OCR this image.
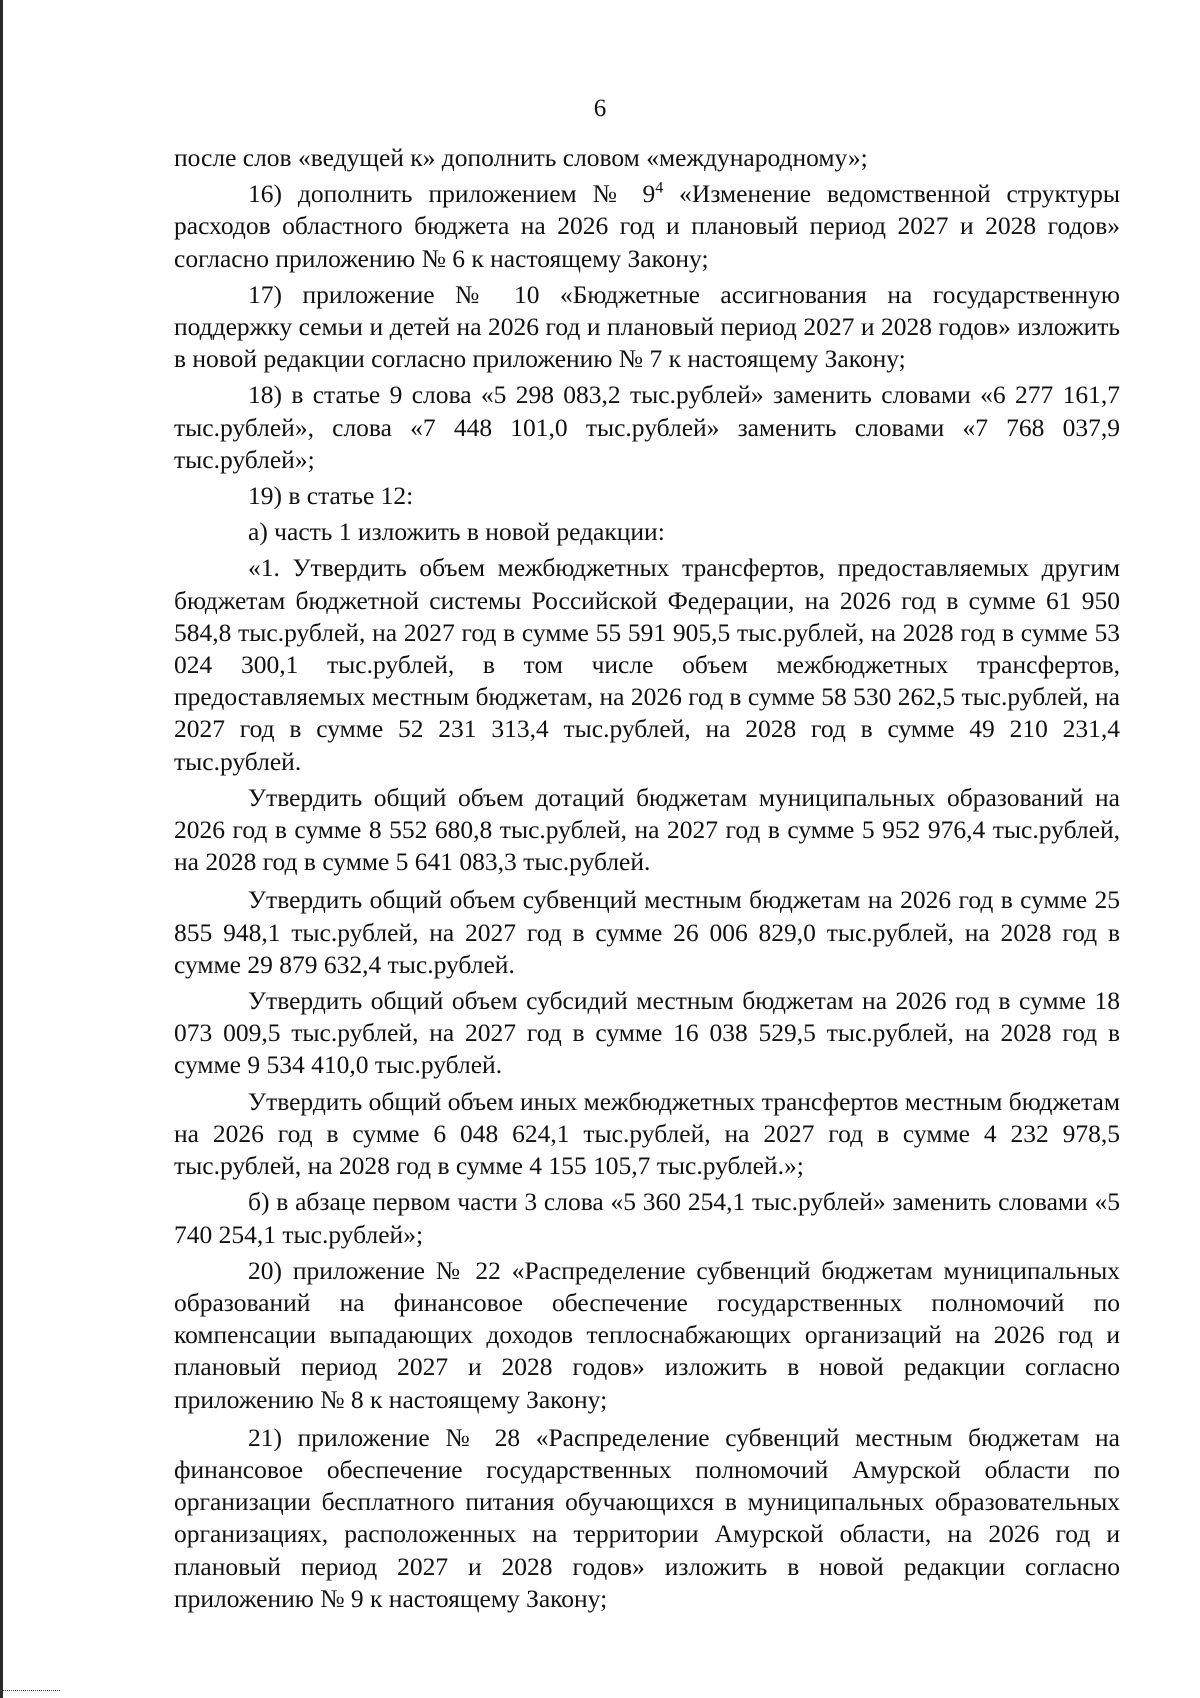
6

после слов «ведущей к» дополнить словом «международному»;

16) дополнить приложением № $9^4$ «Изменение ведомственной структуры расходов областного бюджета на 2026 год и плановый период 2027 и 2028 годов» согласно приложению № 6 к настоящему Закону;

17) приложение № 10 «Бюджетные ассигнования на государственную поддержку семьи и детей на 2026 год и плановый период 2027 и 2028 годов» изложить в новой редакции согласно приложению № 7 к настоящему Закону;

18) в статье 9 слова «5 298 083,2 тыс.рублей» заменить словами «6 277 161,7 тыс.рублей», слова «7 448 101,0 тыс.рублей» заменить словами «7 768 037,9 тыс.рублей»;

19) в статье 12:

а) часть 1 изложить в новой редакции:

«1. Утвердить объем межбюджетных трансфертов, предоставляемых другим бюджетам бюджетной системы Российской Федерации, на 2026 год в сумме 61 950 584,8 тыс.рублей, на 2027 год в сумме 55 591 905,5 тыс.рублей, на 2028 год в сумме 53 024 300,1 тыс.рублей, в том числе объем межбюджетных трансфертов, предоставляемых местным бюджетам, на 2026 год в сумме 58 530 262,5 тыс.рублей, на 2027 год в сумме 52 231 313,4 тыс.рублей, на 2028 год в сумме 49 210 231,4 тыс.рублей.

Утвердить общий объем дотаций бюджетам муниципальных образований на 2026 год в сумме 8 552 680,8 тыс.рублей, на 2027 год в сумме 5 952 976,4 тыс.рублей, на 2028 год в сумме 5 641 083,3 тыс.рублей.

Утвердить общий объем субвенций местным бюджетам на 2026 год в сумме 25 855 948,1 тыс.рублей, на 2027 год в сумме 26 006 829,0 тыс.рублей, на 2028 год в сумме 29 879 632,4 тыс.рублей.

Утвердить общий объем субсидий местным бюджетам на 2026 год в сумме 18 073 009,5 тыс.рублей, на 2027 год в сумме 16 038 529,5 тыс.рублей, на 2028 год в сумме 9 534 410,0 тыс.рублей.

Утвердить общий объем иных межбюджетных трансфертов местным бюджетам на 2026 год в сумме 6 048 624,1 тыс.рублей, на 2027 год в сумме 4 232 978,5 тыс.рублей, на 2028 год в сумме 4 155 105,7 тыс.рублей.»;

б) в абзаце первом части 3 слова «5 360 254,1 тыс.рублей» заменить словами «5 740 254,1 тыс.рублей»;

20) приложение № 22 «Распределение субвенций бюджетам муниципальных образований на финансовое обеспечение государственных полномочий по компенсации выпадающих доходов теплоснабжающих организаций на 2026 год и плановый период 2027 и 2028 годов» изложить в новой редакции согласно приложению № 8 к настоящему Закону;

21) приложение № 28 «Распределение субвенций местным бюджетам на финансовое обеспечение государственных полномочий Амурской области по организации бесплатного питания обучающихся в муниципальных образовательных организациях, расположенных на территории Амурской области, на 2026 год и плановый период 2027 и 2028 годов» изложить в новой редакции согласно приложению № 9 к настоящему Закону;
